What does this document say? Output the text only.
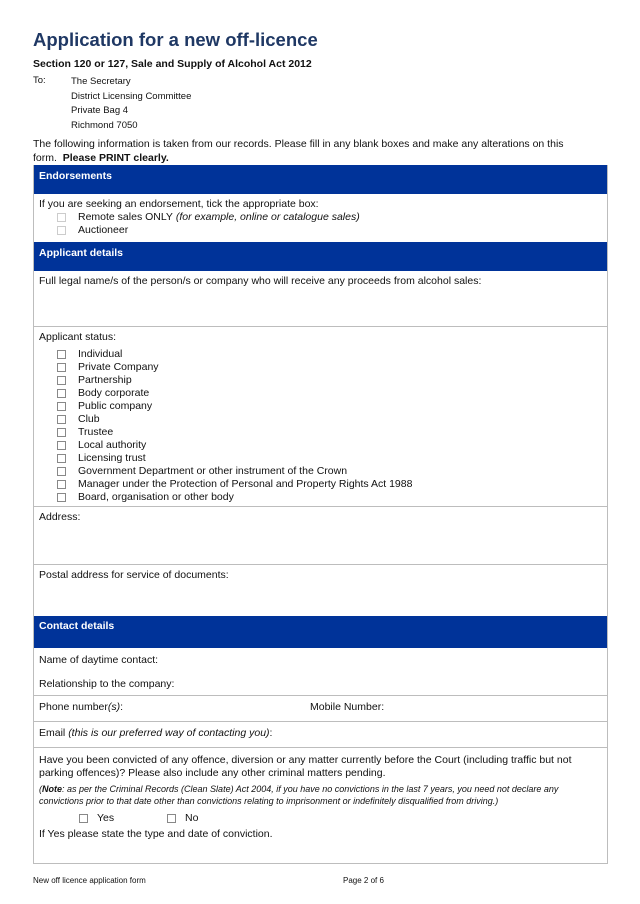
Application for a new off-licence
Section 120 or 127, Sale and Supply of Alcohol Act 2012
To:	The Secretary
District Licensing Committee
Private Bag 4
Richmond 7050
The following information is taken from our records. Please fill in any blank boxes and make any alterations on this form. Please PRINT clearly.
Endorsements
If you are seeking an endorsement, tick the appropriate box:
Remote sales ONLY
(for example, online or catalogue sales)
Auctioneer
Applicant details
Full legal name/s of the person/s or company who will receive any proceeds from alcohol sales:
Applicant status:
Individual
Private Company
Partnership
Body corporate
Public company
Club
Trustee
Local authority
Licensing trust
Government Department or other instrument of the Crown
Manager under the Protection of Personal and Property Rights Act 1988
Board, organisation or other body
Address:
Postal address for service of documents:
Contact details
Name of daytime contact:
Relationship to the company:
Phone number(s):	Mobile Number:
Email (this is our preferred way of contacting you):
Have you been convicted of any offence, diversion or any matter currently before the Court (including traffic but not parking offences)? Please also include any other criminal matters pending.
(Note: as per the Criminal Records (Clean Slate) Act 2004, if you have no convictions in the last 7 years, you need not declare any convictions prior to that date other than convictions relating to imprisonment or indefinitely disqualified from driving.)
Yes	No
If Yes please state the type and date of conviction.
New off licence application form	Page 2 of 6
